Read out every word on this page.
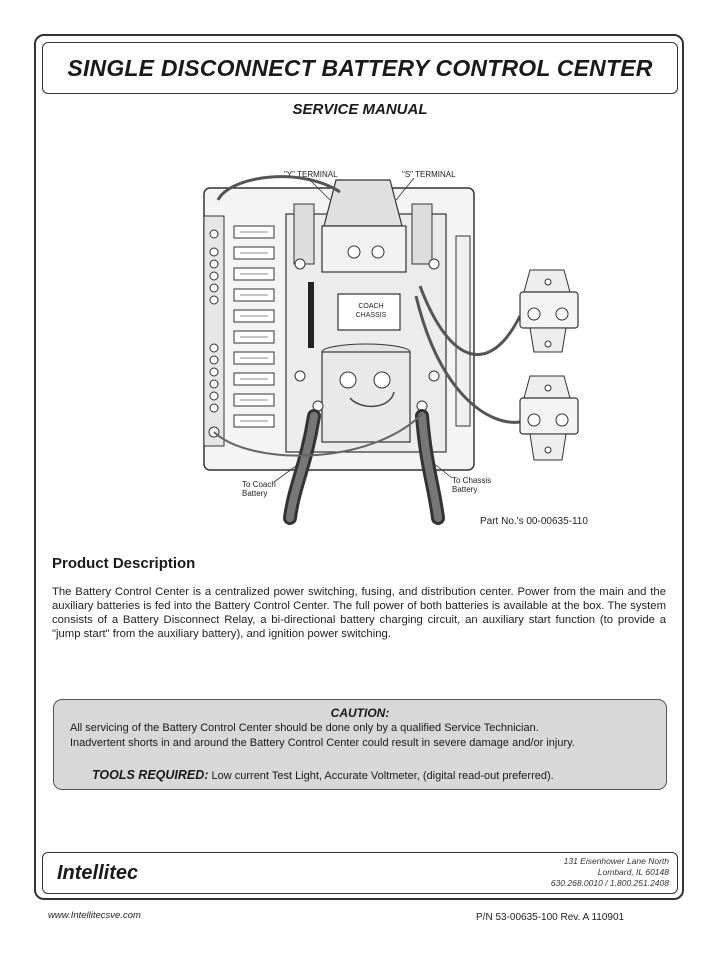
SINGLE DISCONNECT BATTERY CONTROL CENTER
SERVICE MANUAL
"Y" TERMINAL	"S" TERMINAL
COACH
CHASSIS
To Coach
Battery
To Chassis
Battery
Part No.'s 00-00635-110
Product Description
The Battery Control Center is a centralized power switching, fusing, and distribution center. Power from the main and the auxiliary batteries is fed into the Battery Control Center. The full power of both batteries is available at the box. The system consists of a Battery Disconnect Relay, a bi-directional battery charging circuit, an auxiliary start function (to provide a "jump start" from the auxiliary battery), and ignition power switching.
CAUTION:
All servicing of the Battery Control Center should be done only by a qualified Service Technician.
Inadvertent shorts in and around the Battery Control Center could result in severe damage and/or injury.
TOOLS REQUIRED: Low current Test Light, Accurate Voltmeter, (digital read-out preferred).
Intellitec
131 Eisenhower Lane North
Lombard, IL 60148
630.268.0010 / 1.800.251.2408
www.Intellitecsve.com	P/N 53-00635-100 Rev. A 110901
